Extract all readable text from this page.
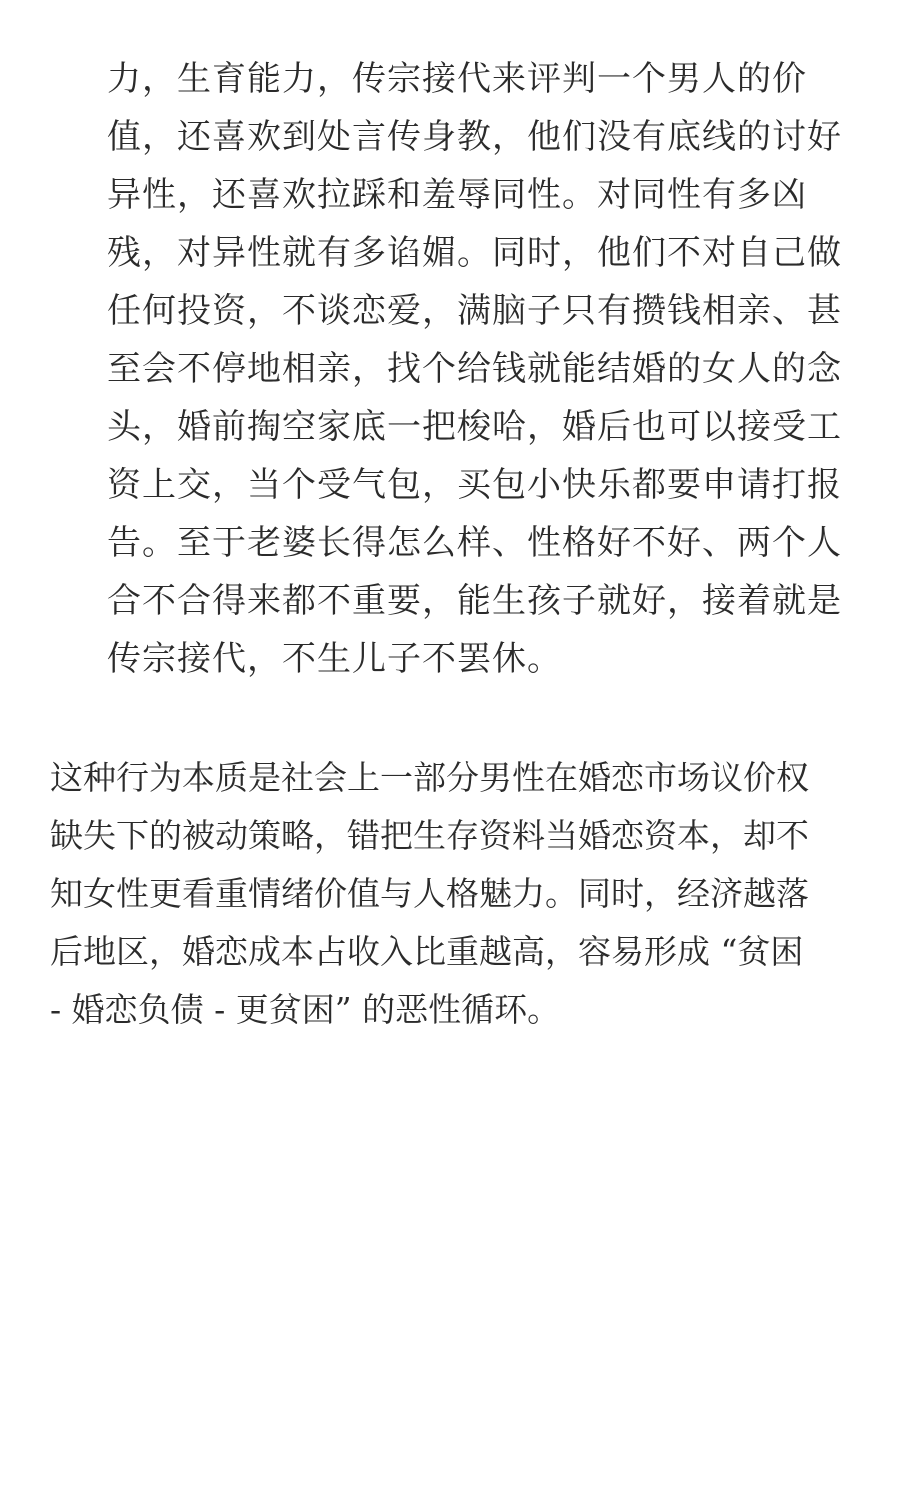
力，生育能力，传宗接代来评判一个男人的价
值，还喜欢到处言传身教，他们没有底线的讨好
异性，还喜欢拉踩和羞辱同性。对同性有多凶
残，对异性就有多谄媚。同时，他们不对自己做
任何投资，不谈恋爱，满脑子只有攒钱相亲、甚
至会不停地相亲，找个给钱就能结婚的女人的念
头，婚前掏空家底一把梭哈，婚后也可以接受工
资上交，当个受气包，买包小快乐都要申请打报
告。至于老婆长得怎么样、性格好不好、两个人
合不合得来都不重要，能生孩子就好，接着就是
传宗接代，不生儿子不罢休。
这种行为本质是社会上一部分男性在婚恋市场议价权
缺失下的被动策略，错把生存资料当婚恋资本，却不
知女性更看重情绪价值与人格魅力。同时，经济越落
后地区，婚恋成本占收入比重越高，容易形成 “贫困
- 婚恋负债 - 更贫困” 的恶性循环。
